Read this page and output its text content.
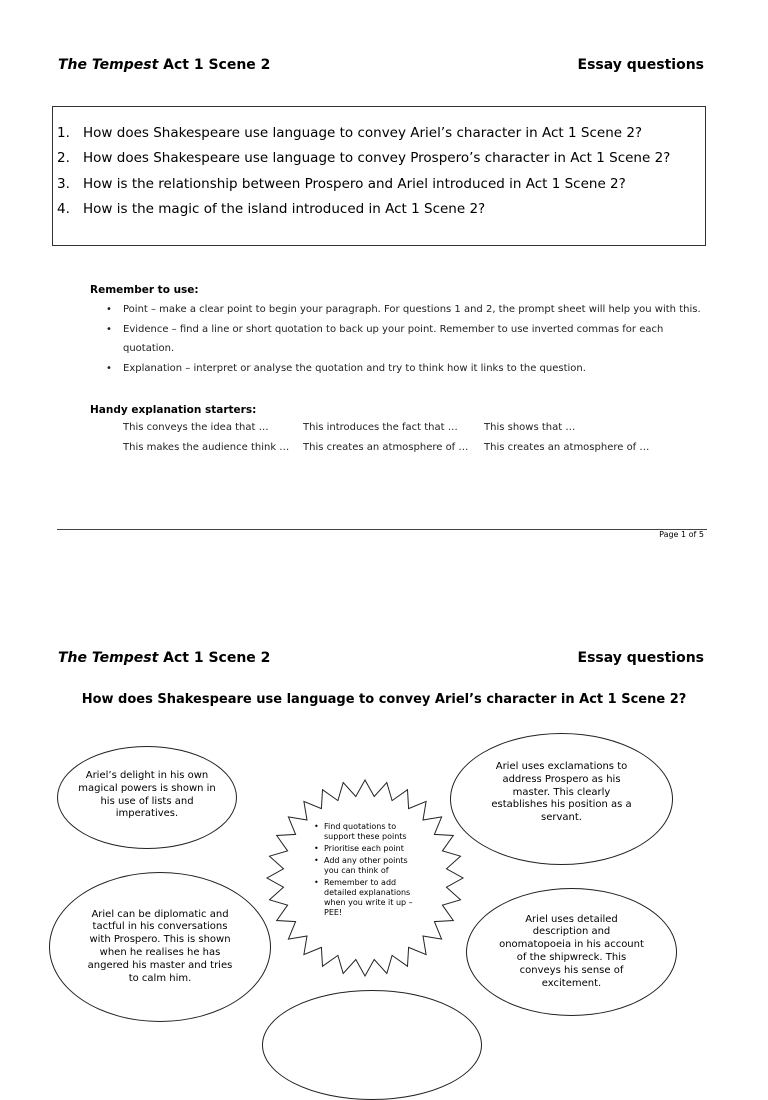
The Tempest Act 1 Scene 2	Essay questions
1. How does Shakespeare use language to convey Ariel’s character in Act 1 Scene 2?
2. How does Shakespeare use language to convey Prospero’s character in Act 1 Scene 2?
3. How is the relationship between Prospero and Ariel introduced in Act 1 Scene 2?
4. How is the magic of the island introduced in Act 1 Scene 2?
Remember to use:
• Point – make a clear point to begin your paragraph. For questions 1 and 2, the prompt sheet will help you with this.
• Evidence – find a line or short quotation to back up your point. Remember to use inverted commas for each
quotation.
• Explanation – interpret or analyse the quotation and try to think how it links to the question.
Handy explanation starters:
This conveys the idea that …	This introduces the fact that …	This shows that …
This makes the audience think … This creates an atmosphere of … This creates an atmosphere of …
Page 1 of 5
The Tempest Act 1 Scene 2	Essay questions
How does Shakespeare use language to convey Ariel’s character in Act 1 Scene 2?
Ariel’s delight in his own
magical powers is shown in
his use of lists and
imperatives.
Ariel uses exclamations to
address Prospero as his
master. This clearly
establishes his position as a
servant.
• Find quotations to support these points
• Prioritise each point
• Add any other points you can think of
• Remember to add detailed explanations when you write it up – PEE!
Ariel can be diplomatic and
tactful in his conversations
with Prospero. This is shown
when he realises he has
angered his master and tries
to calm him.
Ariel uses detailed
description and
onomatopoeia in his account
of the shipwreck. This
conveys his sense of
excitement.
